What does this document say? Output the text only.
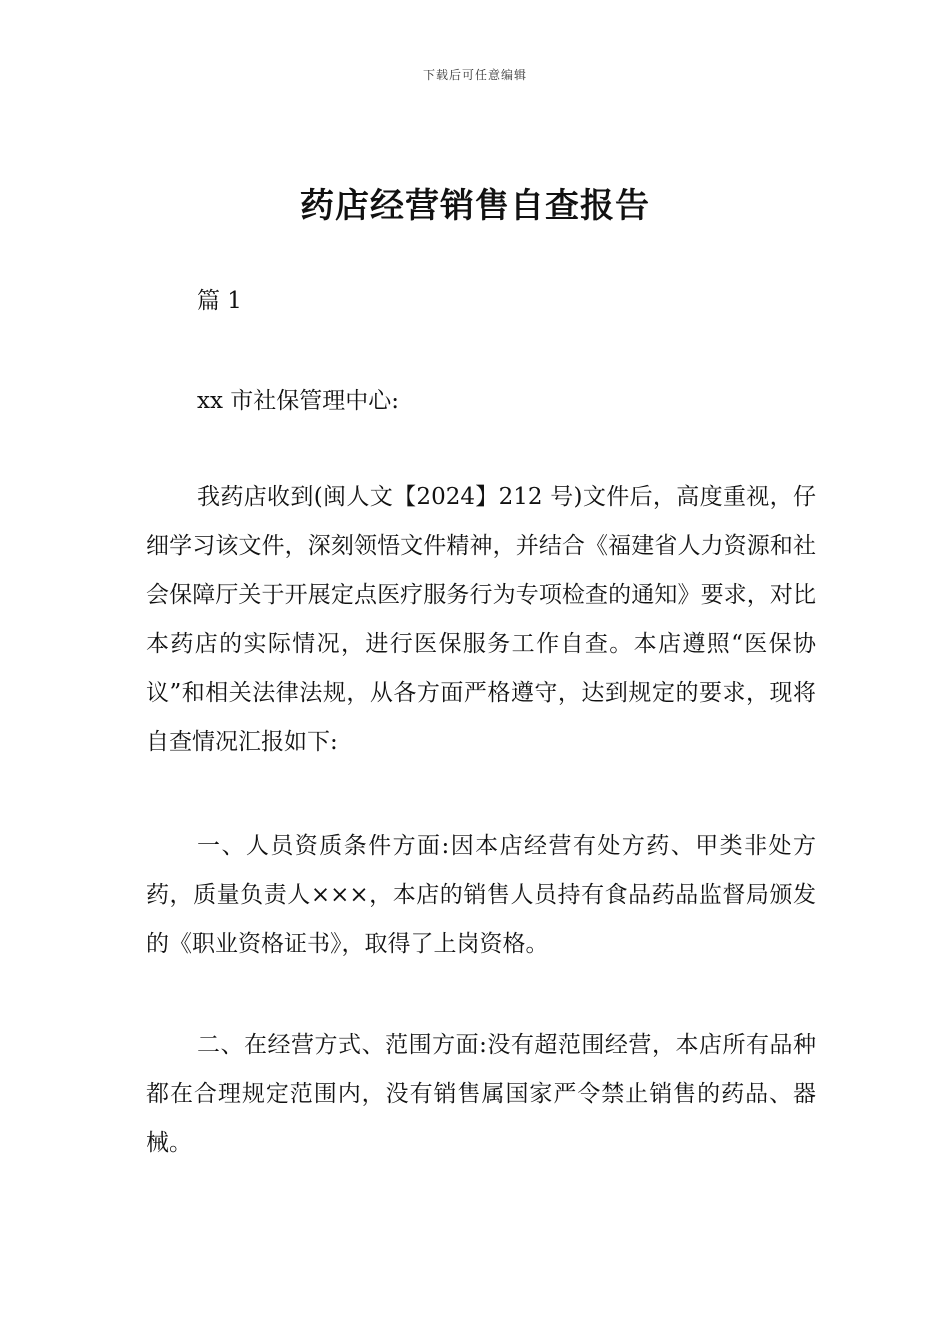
下载后可任意编辑
药店经营销售自查报告

篇 1

xx 市社保管理中心:

我药店收到(闽人文【2024】212 号)文件后，高度重视，仔细学习该文件，深刻领悟文件精神，并结合《福建省人力资源和社会保障厅关于开展定点医疗服务行为专项检查的通知》要求，对比本药店的实际情况，进行医保服务工作自查。本店遵照“医保协议”和相关法律法规，从各方面严格遵守，达到规定的要求，现将自查情况汇报如下:

一、人员资质条件方面:因本店经营有处方药、甲类非处方药，质量负责人×××，本店的销售人员持有食品药品监督局颁发的《职业资格证书》，取得了上岗资格。

二、在经营方式、范围方面:没有超范围经营，本店所有品种都在合理规定范围内，没有销售属国家严令禁止销售的药品、器械。
